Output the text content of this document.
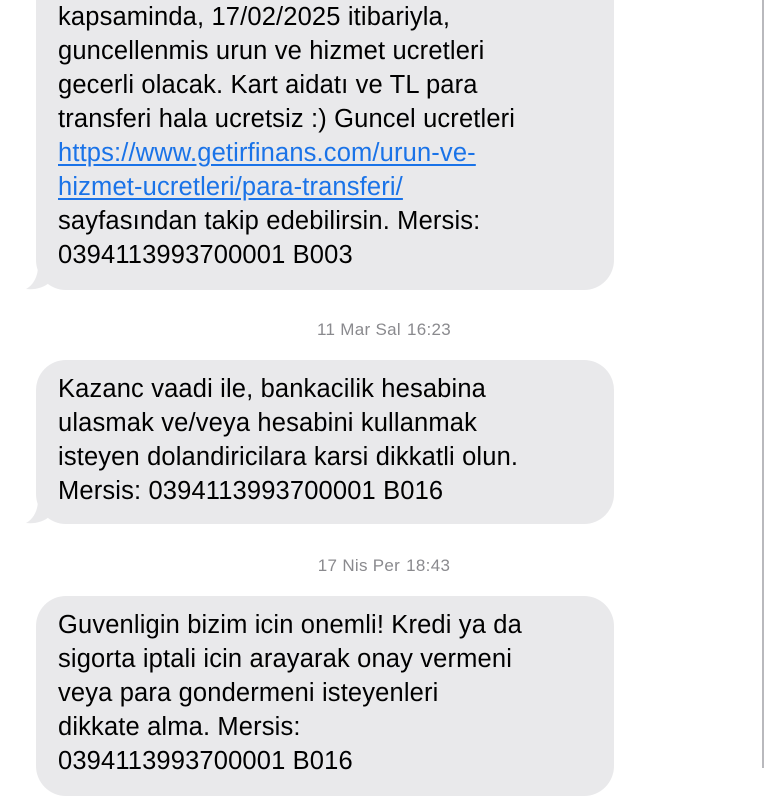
kapsaminda, 17/02/2025 itibariyla,
guncellenmis urun ve hizmet ucretleri
gecerli olacak. Kart aidatı ve TL para
transferi hala ucretsiz :) Guncel ucretleri
https://www.getirfinans.com/urun-ve-
hizmet-ucretleri/para-transferi/
sayfasından takip edebilirsin. Mersis:
0394113993700001 B003
11 Mar Sal 16:23
Kazanc vaadi ile, bankacilik hesabina
ulasmak ve/veya hesabini kullanmak
isteyen dolandiricilara karsi dikkatli olun.
Mersis: 0394113993700001 B016
17 Nis Per 18:43
Guvenligin bizim icin onemli! Kredi ya da
sigorta iptali icin arayarak onay vermeni
veya para gondermeni isteyenleri
dikkate alma. Mersis:
0394113993700001 B016
